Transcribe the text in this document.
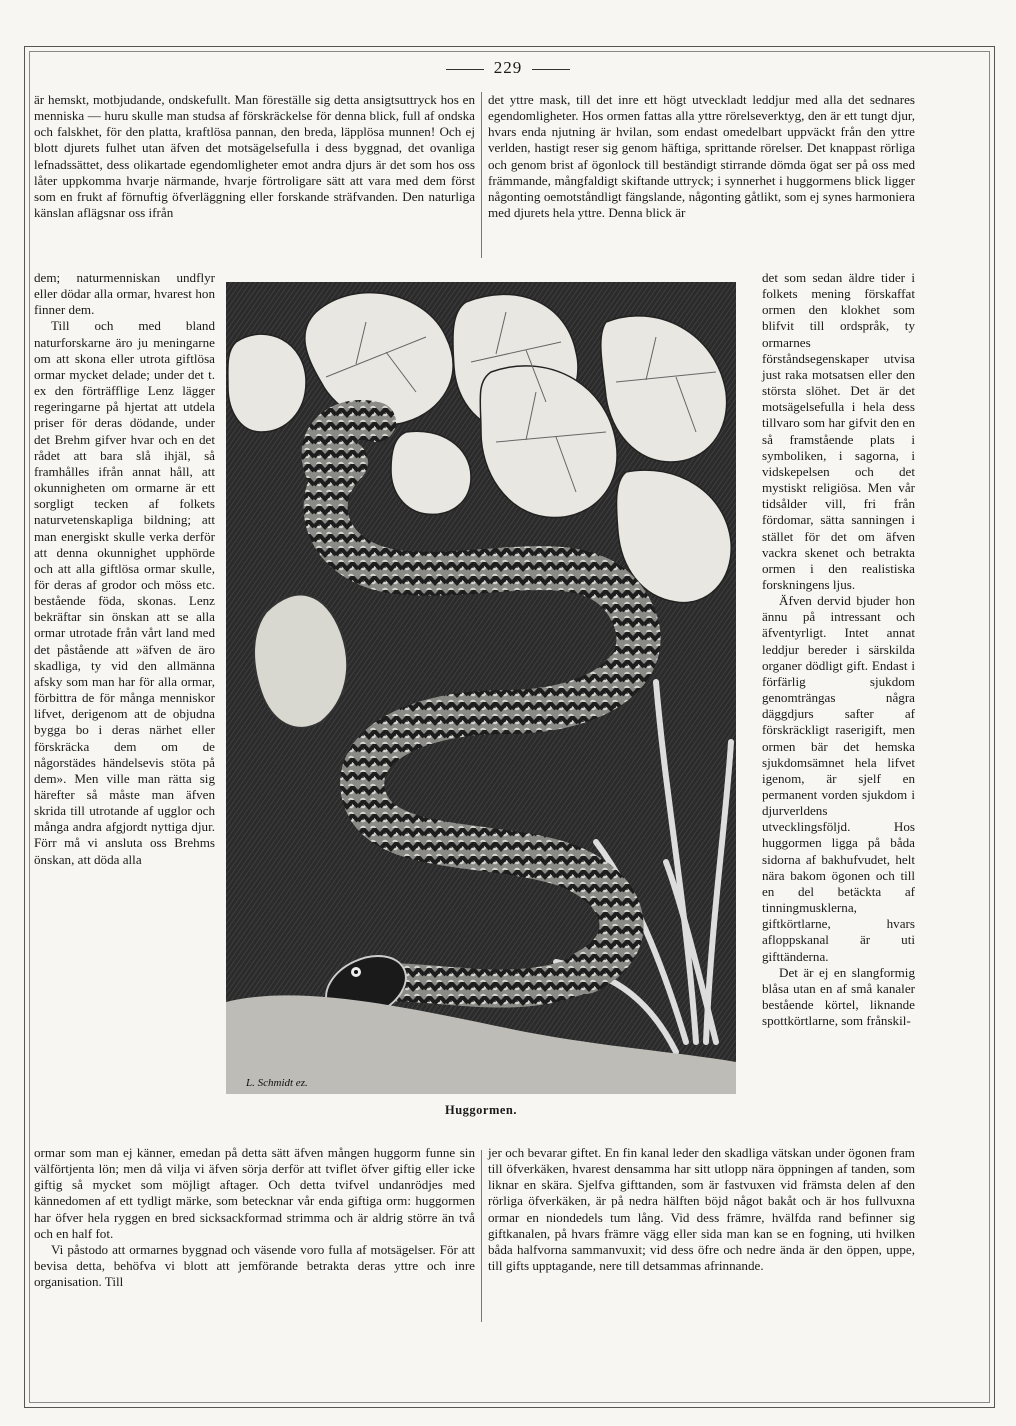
229

är hemskt, motbjudande, ondskefullt. Man föreställe sig detta ansigtsuttryck hos en menniska — huru skulle man studsa af förskräckelse för denna blick, full af ondska och falskhet, för den platta, kraftlösa pannan, den breda, läpplösa munnen! Och ej blott djurets fulhet utan äfven det motsägelsefulla i dess byggnad, det ovanliga lefnadssättet, dess olikartade egendomligheter emot andra djurs är det som hos oss låter uppkomma hvarje närmande, hvarje förtroligare sätt att vara med dem först som en frukt af förnuftig öfverläggning eller forskande sträfvanden. Den naturliga känslan aflägsnar oss ifrån

det yttre mask, till det inre ett högt utveckladt leddjur med alla det sednares egendomligheter. Hos ormen fattas alla yttre rörelseverktyg, den är ett tungt djur, hvars enda njutning är hvilan, som endast omedelbart uppväckt från den yttre verlden, hastigt reser sig genom häftiga, sprittande rörelser. Det knappast rörliga och genom brist af ögonlock till beständigt stirrande dömda ögat ser på oss med främmande, mångfaldigt skiftande uttryck; i synnerhet i huggormens blick ligger någonting oemotståndligt fängslande, någonting gåtlikt, som ej synes harmoniera med djurets hela yttre. Denna blick är

dem; naturmenniskan undflyr eller dödar alla ormar, hvarest hon finner dem.

Till och med bland naturforskarne äro ju meningarne om att skona eller utrota giftlösa ormar mycket delade; under det t. ex den förträfflige Lenz lägger regeringarne på hjertat att utdela priser för deras dödande, under det Brehm gifver hvar och en det rådet att bara slå ihjäl, så framhålles ifrån annat håll, att okunnigheten om ormarne är ett sorgligt tecken af folkets naturvetenskapliga bildning; att man energiskt skulle verka derför att denna okunnighet upphörde och att alla giftlösa ormar skulle, för deras af grodor och möss etc. bestående föda, skonas. Lenz bekräftar sin önskan att se alla ormar utrotade från vårt land med det påstående att »äfven de äro skadliga, ty vid den allmänna afsky som man har för alla ormar, förbittra de för många menniskor lifvet, derigenom att de objudna bygga bo i deras närhet eller förskräcka dem om de någorstädes händelsevis stöta på dem». Men ville man rätta sig härefter så måste man äfven skrida till utrotande af ugglor och många andra afgjordt nyttiga djur. Förr må vi ansluta oss Brehms önskan, att döda alla

det som sedan äldre tider i folkets mening förskaffat ormen den klokhet som blifvit till ordspråk, ty ormarnes förståndsegenskaper utvisa just raka motsatsen eller den största slöhet. Det är det motsägelsefulla i hela dess tillvaro som har gifvit den en så framstående plats i symboliken, i sagorna, i vidskepelsen och det mystiskt religiösa. Men vår tidsålder vill, fri från fördomar, sätta sanningen i stället för det om äfven vackra skenet och betrakta ormen i den realistiska forskningens ljus.

Äfven dervid bjuder hon ännu på intressant och äfventyrligt. Intet annat leddjur bereder i särskilda organer dödligt gift. Endast i förfärlig sjukdom genomträngas några däggdjurs safter af förskräckligt raserigift, men ormen bär det hemska sjukdomsämnet hela lifvet igenom, är sjelf en permanent vorden sjukdom i djurverldens utvecklingsföljd. Hos huggormen ligga på båda sidorna af bakhufvudet, helt nära bakom ögonen och till en del betäckta af tinningmusklerna, giftkörtlarne, hvars afloppskanal är uti gifttänderna.

Det är ej en slangformig blåsa utan en af små kanaler bestående körtel, liknande spottkörtlarne, som frånskil-

L. Schmidt ez.
Huggormen.

ormar som man ej känner, emedan på detta sätt äfven mången huggorm funne sin välförtjenta lön; men då vilja vi äfven sörja derför att tviflet öfver giftig eller icke giftig så mycket som möjligt aftager. Och detta tvifvel undanrödjes med kännedomen af ett tydligt märke, som betecknar vår enda giftiga orm: huggormen har öfver hela ryggen en bred sicksackformad strimma och är aldrig större än två och en half fot.

Vi påstodo att ormarnes byggnad och väsende voro fulla af motsägelser. För att bevisa detta, behöfva vi blott att jemförande betrakta deras yttre och inre organisation. Till

jer och bevarar giftet. En fin kanal leder den skadliga vätskan under ögonen fram till öfverkäken, hvarest densamma har sitt utlopp nära öppningen af tanden, som liknar en skära. Sjelfva gifttanden, som är fastvuxen vid främsta delen af den rörliga öfverkäken, är på nedra hälften böjd något bakåt och är hos fullvuxna ormar en niondedels tum lång. Vid dess främre, hvälfda rand befinner sig giftkanalen, på hvars främre vägg eller sida man kan se en fogning, uti hvilken båda halfvorna sammanvuxit; vid dess öfre och nedre ända är den öppen, uppe, till gifts upptagande, nere till detsammas afrinnande.
